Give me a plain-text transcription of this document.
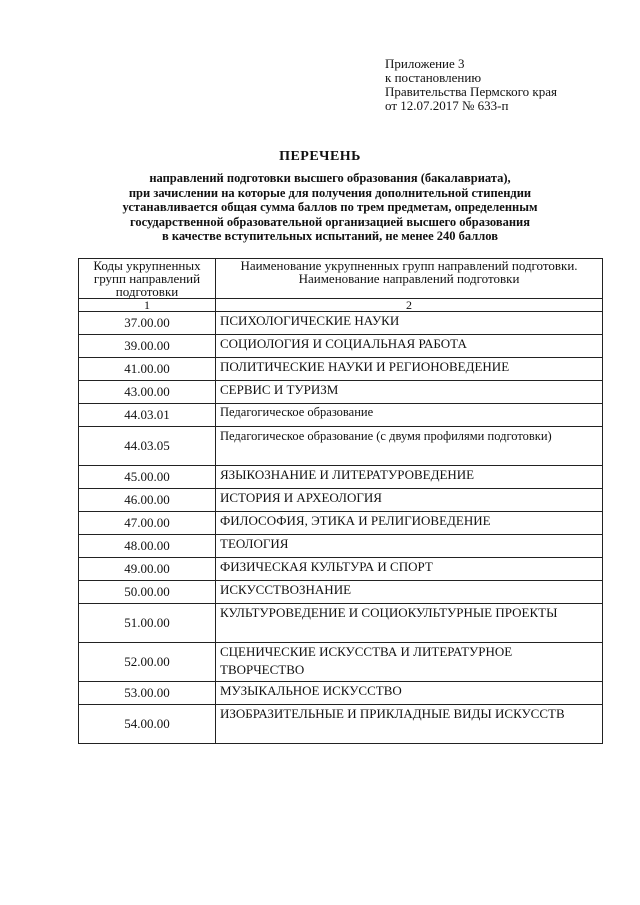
Приложение 3
к постановлению
Правительства Пермского края
от 12.07.2017 № 633-п
ПЕРЕЧЕНЬ
направлений подготовки высшего образования (бакалавриата),
при зачислении на которые для получения дополнительной стипендии
устанавливается общая сумма баллов по трем предметам, определенным
государственной образовательной организацией высшего образования
в качестве вступительных испытаний, не менее 240 баллов
Коды укрупненных групп направлений подготовки	Наименование укрупненных групп направлений подготовки.
Наименование направлений подготовки

1	2
37.00.00	ПСИХОЛОГИЧЕСКИЕ НАУКИ
39.00.00	СОЦИОЛОГИЯ И СОЦИАЛЬНАЯ РАБОТА
41.00.00	ПОЛИТИЧЕСКИЕ НАУКИ И РЕГИОНОВЕДЕНИЕ
43.00.00	СЕРВИС И ТУРИЗМ
44.03.01	Педагогическое образование
44.03.05	Педагогическое образование (с двумя профилями подготовки)
45.00.00	ЯЗЫКОЗНАНИЕ И ЛИТЕРАТУРОВЕДЕНИЕ
46.00.00	ИСТОРИЯ И АРХЕОЛОГИЯ
47.00.00	ФИЛОСОФИЯ, ЭТИКА И РЕЛИГИОВЕДЕНИЕ
48.00.00	ТЕОЛОГИЯ
49.00.00	ФИЗИЧЕСКАЯ КУЛЬТУРА И СПОРТ
50.00.00	ИСКУССТВОЗНАНИЕ
51.00.00	КУЛЬТУРОВЕДЕНИЕ И СОЦИОКУЛЬТУРНЫЕ ПРОЕКТЫ
52.00.00	СЦЕНИЧЕСКИЕ ИСКУССТВА И ЛИТЕРАТУРНОЕ ТВОРЧЕСТВО
53.00.00	МУЗЫКАЛЬНОЕ ИСКУССТВО
54.00.00	ИЗОБРАЗИТЕЛЬНЫЕ И ПРИКЛАДНЫЕ ВИДЫ ИСКУССТВ
